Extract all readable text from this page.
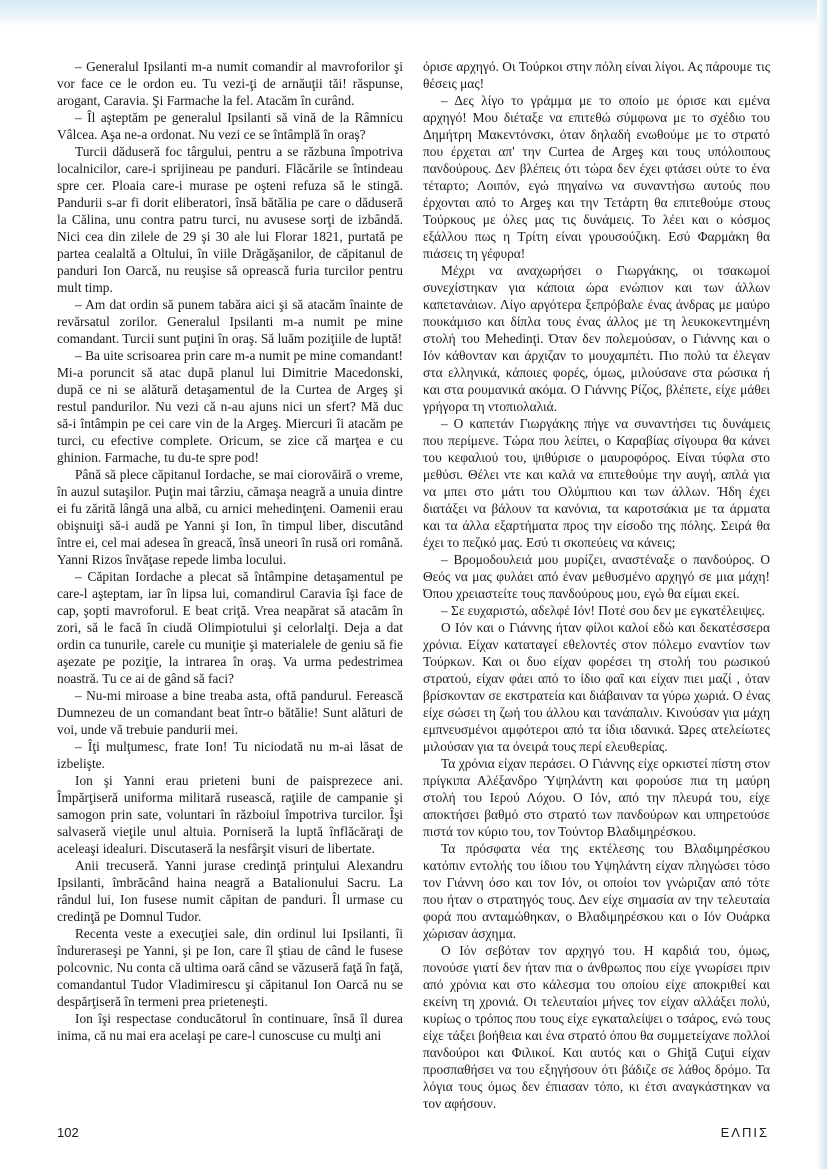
– Generalul Ipsilanti m-a numit comandir al mavroforilor şi vor face ce le ordon eu. Tu vezi-ţi de arnăuţii tăi! răspunse, arogant, Caravia. Şi Farmache la fel. Atacăm în curând.

– Îl aşteptăm pe generalul Ipsilanti să vină de la Râmnicu Vâlcea. Aşa ne-a ordonat. Nu vezi ce se întâmplă în oraş?

Turcii dăduseră foc târgului, pentru a se răzbuna împotriva localnicilor, care-i sprijineau pe panduri. Flăcările se întindeau spre cer. Ploaia care-i murase pe oşteni refuza să le stingă. Pandurii s-ar fi dorit eliberatori, însă bătălia pe care o dăduseră la Călina, unu contra patru turci, nu avusese sorţi de izbândă. Nici cea din zilele de 29 şi 30 ale lui Florar 1821, purtată pe partea cealaltă a Oltului, în viile Drăgăşanilor, de căpitanul de panduri Ion Oarcă, nu reuşise să oprească furia turcilor pentru mult timp.

– Am dat ordin să punem tabăra aici şi să atacăm înainte de revărsatul zorilor. Generalul Ipsilanti m-a numit pe mine comandant. Turcii sunt puţini în oraş. Să luăm poziţiile de luptă!

– Ba uite scrisoarea prin care m-a numit pe mine comandant! Mi-a poruncit să atac după planul lui Dimitrie Macedonski, după ce ni se alătură detaşamentul de la Curtea de Argeş şi restul pandurilor. Nu vezi că n-au ajuns nici un sfert? Mă duc să-i întâmpin pe cei care vin de la Argeş. Miercuri îi atacăm pe turci, cu efective complete. Oricum, se zice că marţea e cu ghinion. Farmache, tu du-te spre pod!

Până să plece căpitanul Iordache, se mai ciorovăiră o vreme, în auzul sutaşilor. Puţin mai târziu, cămaşa neagră a unuia dintre ei fu zărită lângă una albă, cu arnici mehedinţeni. Oamenii erau obişnuiţi să-i audă pe Yanni şi Ion, în timpul liber, discutând între ei, cel mai adesea în greacă, însă uneori în rusă ori română. Yanni Rizos învăţase repede limba locului.

– Căpitan Iordache a plecat să întâmpine detaşamentul pe care-l aşteptam, iar în lipsa lui, comandirul Caravia îşi face de cap, şopti mavroforul. E beat criţă. Vrea neapărat să atacăm în zori, să le facă în ciudă Olimpiotului şi celorlalţi. Deja a dat ordin ca tunurile, carele cu muniţie şi materialele de geniu să fie aşezate pe poziţie, la intrarea în oraş. Va urma pedestrimea noastră. Tu ce ai de gând să faci?

– Nu-mi miroase a bine treaba asta, oftă pandurul. Ferească Dumnezeu de un comandant beat într-o bătălie! Sunt alături de voi, unde vă trebuie pandurii mei.

– Îţi mulţumesc, frate Ion! Tu niciodată nu m-ai lăsat de izbelişte.

Ion şi Yanni erau prieteni buni de paisprezece ani. Împărţiseră uniforma militară rusească, raţiile de campanie şi samogon prin sate, voluntari în războiul împotriva turcilor. Îşi salvaseră vieţile unul altuia. Porniseră la luptă înflăcăraţi de aceleaşi idealuri. Discutaseră la nesfârşit visuri de libertate.

Anii trecuseră. Yanni jurase credinţă prinţului Alexandru Ipsilanti, îmbrăcând haina neagră a Batalionului Sacru. La rândul lui, Ion fusese numit căpitan de panduri. Îl urmase cu credinţă pe Domnul Tudor.

Recenta veste a execuţiei sale, din ordinul lui Ipsilanti, îi îndureraseşi pe Yanni, şi pe Ion, care îl ştiau de când le fusese polcovnic. Nu conta că ultima oară când se văzuseră faţă în faţă, comandantul Tudor Vladimirescu şi căpitanul Ion Oarcă nu se despărţiseră în termeni prea prieteneşti.

Ion îşi respectase conducătorul în continuare, însă îl durea inima, că nu mai era acelaşi pe care-l cunoscuse cu mulţi ani

όρισε αρχηγό. Οι Τούρκοι στην πόλη είναι λίγοι. Ας πάρουμε τις θέσεις μας!

– Δες λίγο το γράμμα με το οποίο με όρισε και εμένα αρχηγό! Μου διέταξε να επιτεθώ σύμφωνα με το σχέδιο του Δημήτρη Μακεντόνσκι, όταν δηλαδή ενωθούμε με το στρατό που έρχεται απ' την Curtea de Argeş και τους υπόλοιπους πανδούρους. Δεν βλέπεις ότι τώρα δεν έχει φτάσει ούτε το ένα τέταρτο; Λοιπόν, εγώ πηγαίνω να συναντήσω αυτούς που έρχονται από το Argeş και την Τετάρτη θα επιτεθούμε στους Τούρκους με όλες μας τις δυνάμεις. Το λέει και ο κόσμος εξάλλου πως η Τρίτη είναι γρουσούζικη. Εσύ Φαρμάκη θα πιάσεις τη γέφυρα!

Μέχρι να αναχωρήσει ο Γιωργάκης, οι τσακωμοί συνεχίστηκαν για κάποια ώρα ενώπιον και των άλλων καπετανάιων. Λίγο αργότερα ξεπρόβαλε ένας άνδρας με μαύρο πουκάμισο και δίπλα τους ένας άλλος με τη λευκοκεντημένη στολή του Mehedinţi. Όταν δεν πολεμούσαν, ο Γιάννης και ο Ιόν κάθονταν και άρχιζαν το μουχαμπέτι. Πιο πολύ τα έλεγαν στα ελληνικά, κάποιες φορές, όμως, μιλούσανε στα ρώσικα ή και στα ρουμανικά ακόμα. Ο Γιάννης Ρίζος, βλέπετε, είχε μάθει γρήγορα τη ντοπιολαλιά.

– Ο καπετάν Γιωργάκης πήγε να συναντήσει τις δυνάμεις που περίμενε. Τώρα που λείπει, ο Καραβίας σίγουρα θα κάνει του κεφαλιού του, ψιθύρισε ο μαυροφόρος. Είναι τύφλα στο μεθύσι. Θέλει ντε και καλά να επιτεθούμε την αυγή, απλά για να μπει στο μάτι του Ολύμπιου και των άλλων. Ήδη έχει διατάξει να βάλουν τα κανόνια, τα καροτσάκια με τα άρματα και τα άλλα εξαρτήματα προς την είσοδο της πόλης. Σειρά θα έχει το πεζικό μας. Εσύ τι σκοπεύεις να κάνεις;

– Βρομοδουλειά μου μυρίζει, αναστέναξε ο πανδούρος. Ο Θεός να μας φυλάει από έναν μεθυσμένο αρχηγό σε μια μάχη! Όπου χρειαστείτε τους πανδούρους μου, εγώ θα είμαι εκεί.

– Σε ευχαριστώ, αδελφέ Ιόν! Ποτέ σου δεν με εγκατέλειψες.

Ο Ιόν και ο Γιάννης ήταν φίλοι καλοί εδώ και δεκατέσσερα χρόνια. Είχαν καταταγεί εθελοντές στον πόλεμο εναντίον των Τούρκων. Και οι δυο είχαν φορέσει τη στολή του ρωσικού στρατού, είχαν φάει από το ίδιο φαΐ και είχαν πιει μαζί , όταν βρίσκονταν σε εκστρατεία και διάβαιναν τα γύρω χωριά. Ο ένας είχε σώσει τη ζωή του άλλου και τανάπαλιν. Κινούσαν για μάχη εμπνευσμένοι αμφότεροι από τα ίδια ιδανικά. Ώρες ατελείωτες μιλούσαν για τα όνειρά τους περί ελευθερίας.

Τα χρόνια είχαν περάσει. Ο Γιάννης είχε ορκιστεί πίστη στον πρίγκιπα Αλέξανδρο Ύψηλάντη και φορούσε πια τη μαύρη στολή του Ιερού Λόχου. Ο Ιόν, από την πλευρά του, είχε αποκτήσει βαθμό στο στρατό των πανδούρων και υπηρετούσε πιστά τον κύριο του, τον Τούντορ Βλαδιμηρέσκου.

Τα πρόσφατα νέα της εκτέλεσης του Βλαδιμηρέσκου κατόπιν εντολής του ίδιου του Υψηλάντη είχαν πληγώσει τόσο τον Γιάννη όσο και τον Ιόν, οι οποίοι τον γνώριζαν από τότε που ήταν ο στρατηγός τους. Δεν είχε σημασία αν την τελευταία φορά που ανταμώθηκαν, ο Βλαδιμηρέσκου και ο Ιόν Ουάρκα χώρισαν άσχημα.

Ο Ιόν σεβόταν τον αρχηγό του. Η καρδιά του, όμως, πονούσε γιατί δεν ήταν πια ο άνθρωπος που είχε γνωρίσει πριν από χρόνια και στο κάλεσμα του οποίου είχε αποκριθεί και εκείνη τη χρονιά. Οι τελευταίοι μήνες τον είχαν αλλάξει πολύ, κυρίως ο τρόπος που τους είχε εγκαταλείψει ο τσάρος, ενώ τους είχε τάξει βοήθεια και ένα στρατό όπου θα συμμετείχανε πολλοί πανδούροι και Φιλικοί. Και αυτός και ο Ghiţă Cuţui είχαν προσπαθήσει να του εξηγήσουν ότι βάδιζε σε λάθος δρόμο. Τα λόγια τους όμως δεν έπιασαν τόπο, κι έτσι αναγκάστηκαν να τον αφήσουν.

102	ΕΛΠΙΣ
